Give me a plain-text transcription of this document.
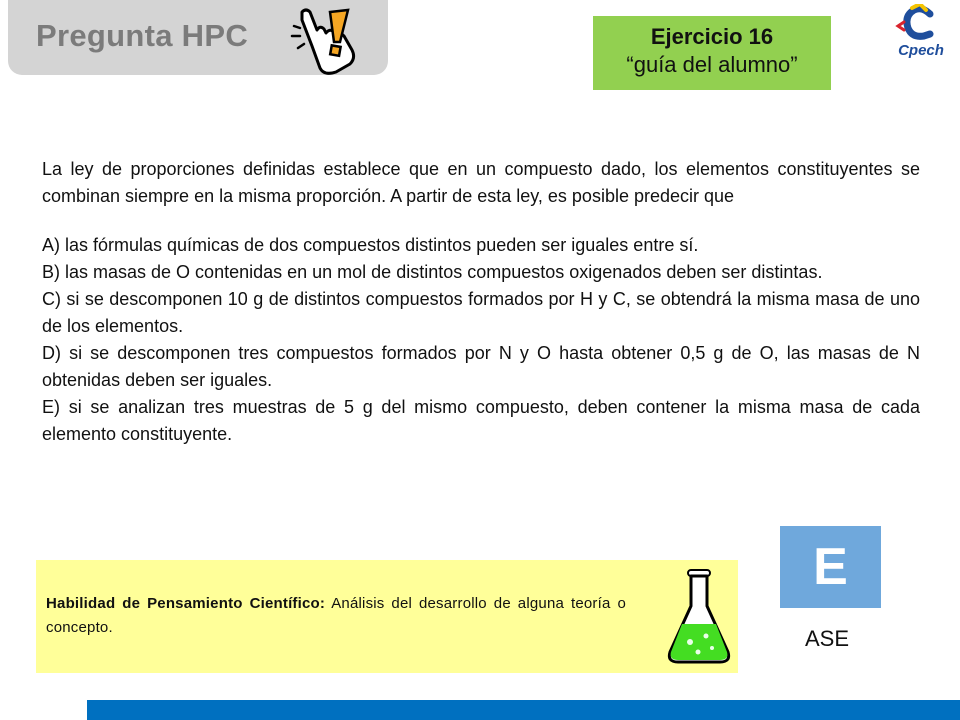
Pregunta HPC	Ejercicio 16
“guía del alumno”
Cpech

La ley de proporciones definidas establece que en un compuesto dado, los elementos constituyentes se combinan siempre en la misma proporción. A partir de esta ley, es posible predecir que

A) las fórmulas químicas de dos compuestos distintos pueden ser iguales entre sí.

B) las masas de O contenidas en un mol de distintos compuestos oxigenados deben ser distintas.

C) si se descomponen 10 g de distintos compuestos formados por H y C, se obtendrá la misma masa de uno de los elementos.

D) si se descomponen tres compuestos formados por N y O hasta obtener 0,5 g de O, las masas de N obtenidas deben ser iguales.

E) si se analizan tres muestras de 5 g del mismo compuesto, deben contener la misma masa de cada elemento constituyente.

Habilidad de Pensamiento Científico: Análisis del desarrollo de alguna teoría o concepto.
E
ASE
